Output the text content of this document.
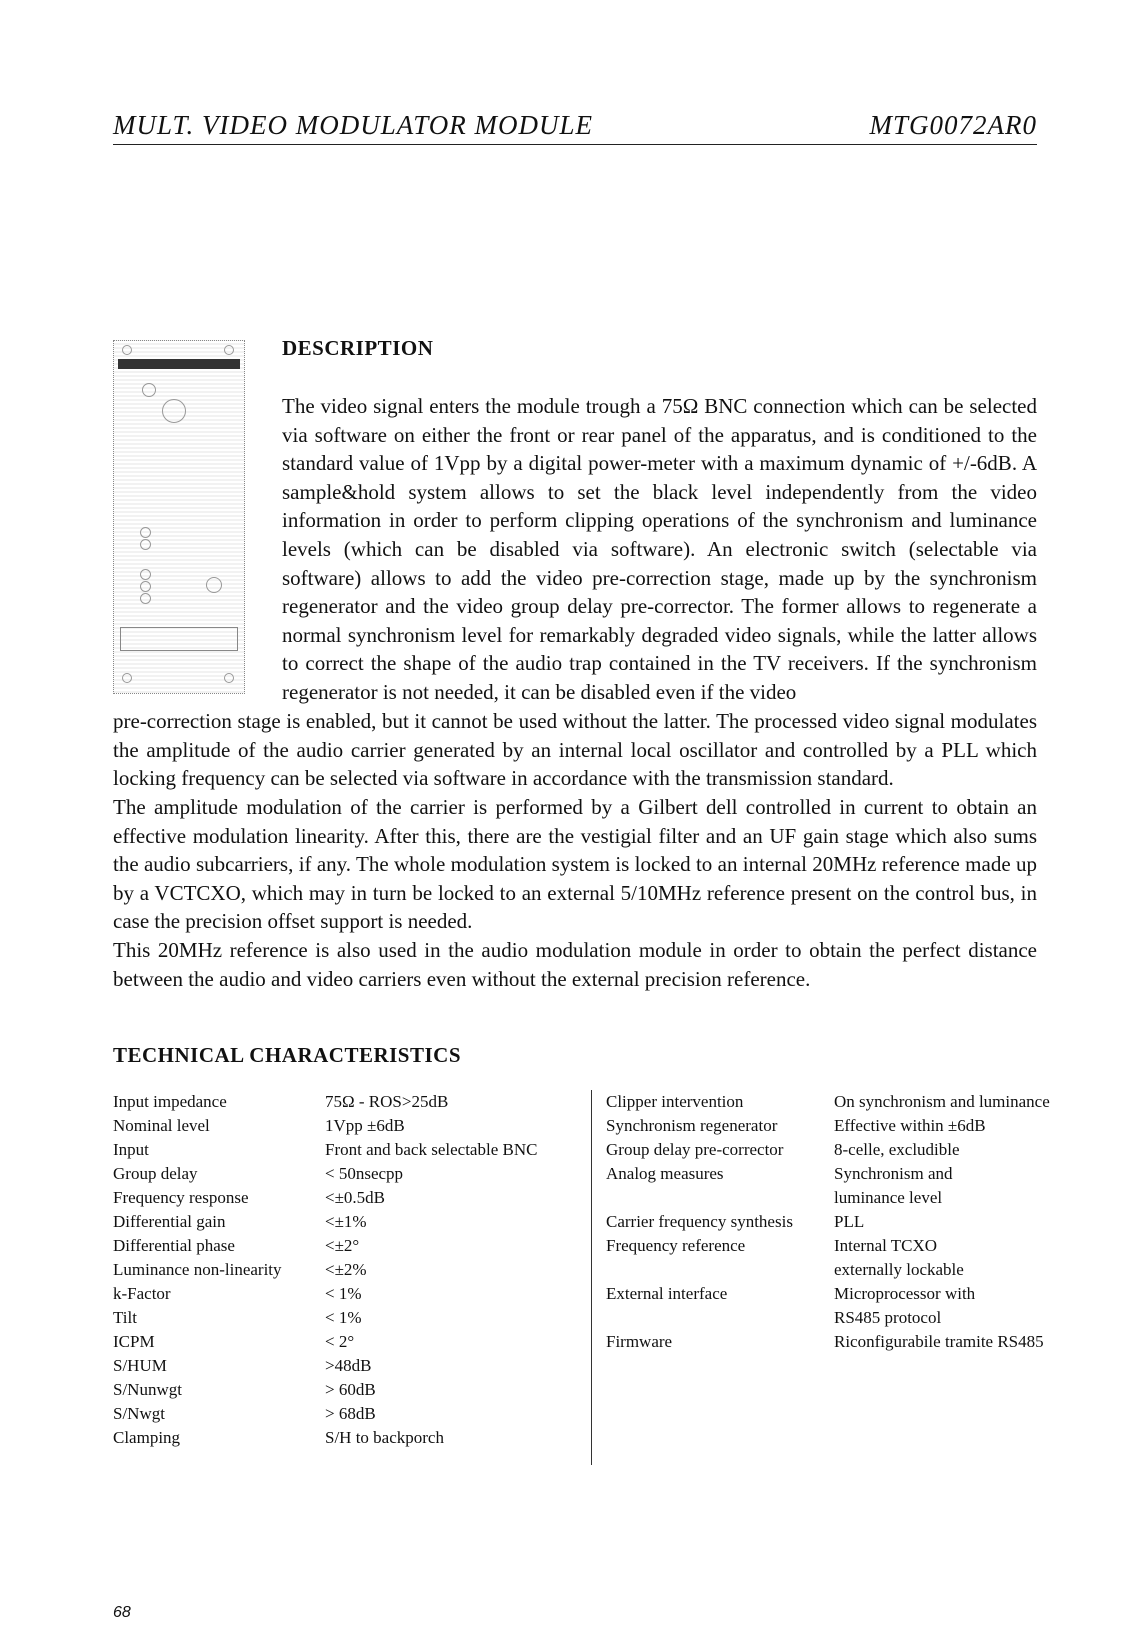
MULT. VIDEO MODULATOR MODULE	MTG0072AR0
DESCRIPTION

The video signal enters the module trough a 75Ω BNC connection which can be selected via software on either the front or rear panel of the apparatus, and is conditioned to the standard value of 1Vpp by a digital power-meter with a maximum dynamic of +/-6dB. A sample&hold system allows to set the black level independently from the video information in order to perform clipping operations of the synchronism and luminance levels (which can be disabled via software). An electronic switch (selectable via software) allows to add the video pre-correction stage, made up by the synchronism regenerator and the video group delay pre-corrector. The former allows to regenerate a normal synchronism level for remarkably degraded video signals, while the latter allows to correct the shape of the audio trap contained in the TV receivers. If the synchronism regenerator is not needed, it can be disabled even if the video

pre-correction stage is enabled, but it cannot be used without the latter. The processed video signal modulates the amplitude of the audio carrier generated by an internal local oscillator and controlled by a PLL which locking frequency can be selected via software in accordance with the transmission standard.

The amplitude modulation of the carrier is performed by a Gilbert dell controlled in current to obtain an effective modulation linearity. After this, there are the vestigial filter and an UF gain stage which also sums the audio subcarriers, if any. The whole modulation system is locked to an internal 20MHz reference made up by a VCTCXO, which may in turn be locked to an external 5/10MHz reference present on the control bus, in case the precision offset support is needed.

This 20MHz reference is also used in the audio modulation module in order to obtain the perfect distance between the audio and video carriers even without the external precision reference.

TECHNICAL CHARACTERISTICS
Input impedance	75Ω - ROS>25dB
Nominal level	1Vpp ±6dB
Input	Front and back selectable BNC
Group delay	< 50nsecpp
Frequency response	<±0.5dB
Differential gain	<±1%
Differential phase	<±2°
Luminance non-linearity	<±2%
k-Factor	< 1%
Tilt	< 1%
ICPM	< 2°
S/HUM	>48dB
S/Nunwgt	> 60dB
S/Nwgt	> 68dB
Clamping	S/H to backporch
Clipper intervention	On synchronism and luminance
Synchronism regenerator	Effective within ±6dB
Group delay pre-corrector	8-celle, excludible
Analog measures	Synchronism and
luminance level
Carrier frequency synthesis	PLL
Frequency reference	Internal TCXO
externally lockable
External interface	Microprocessor with
RS485 protocol
Firmware	Riconfigurabile tramite RS485
68
